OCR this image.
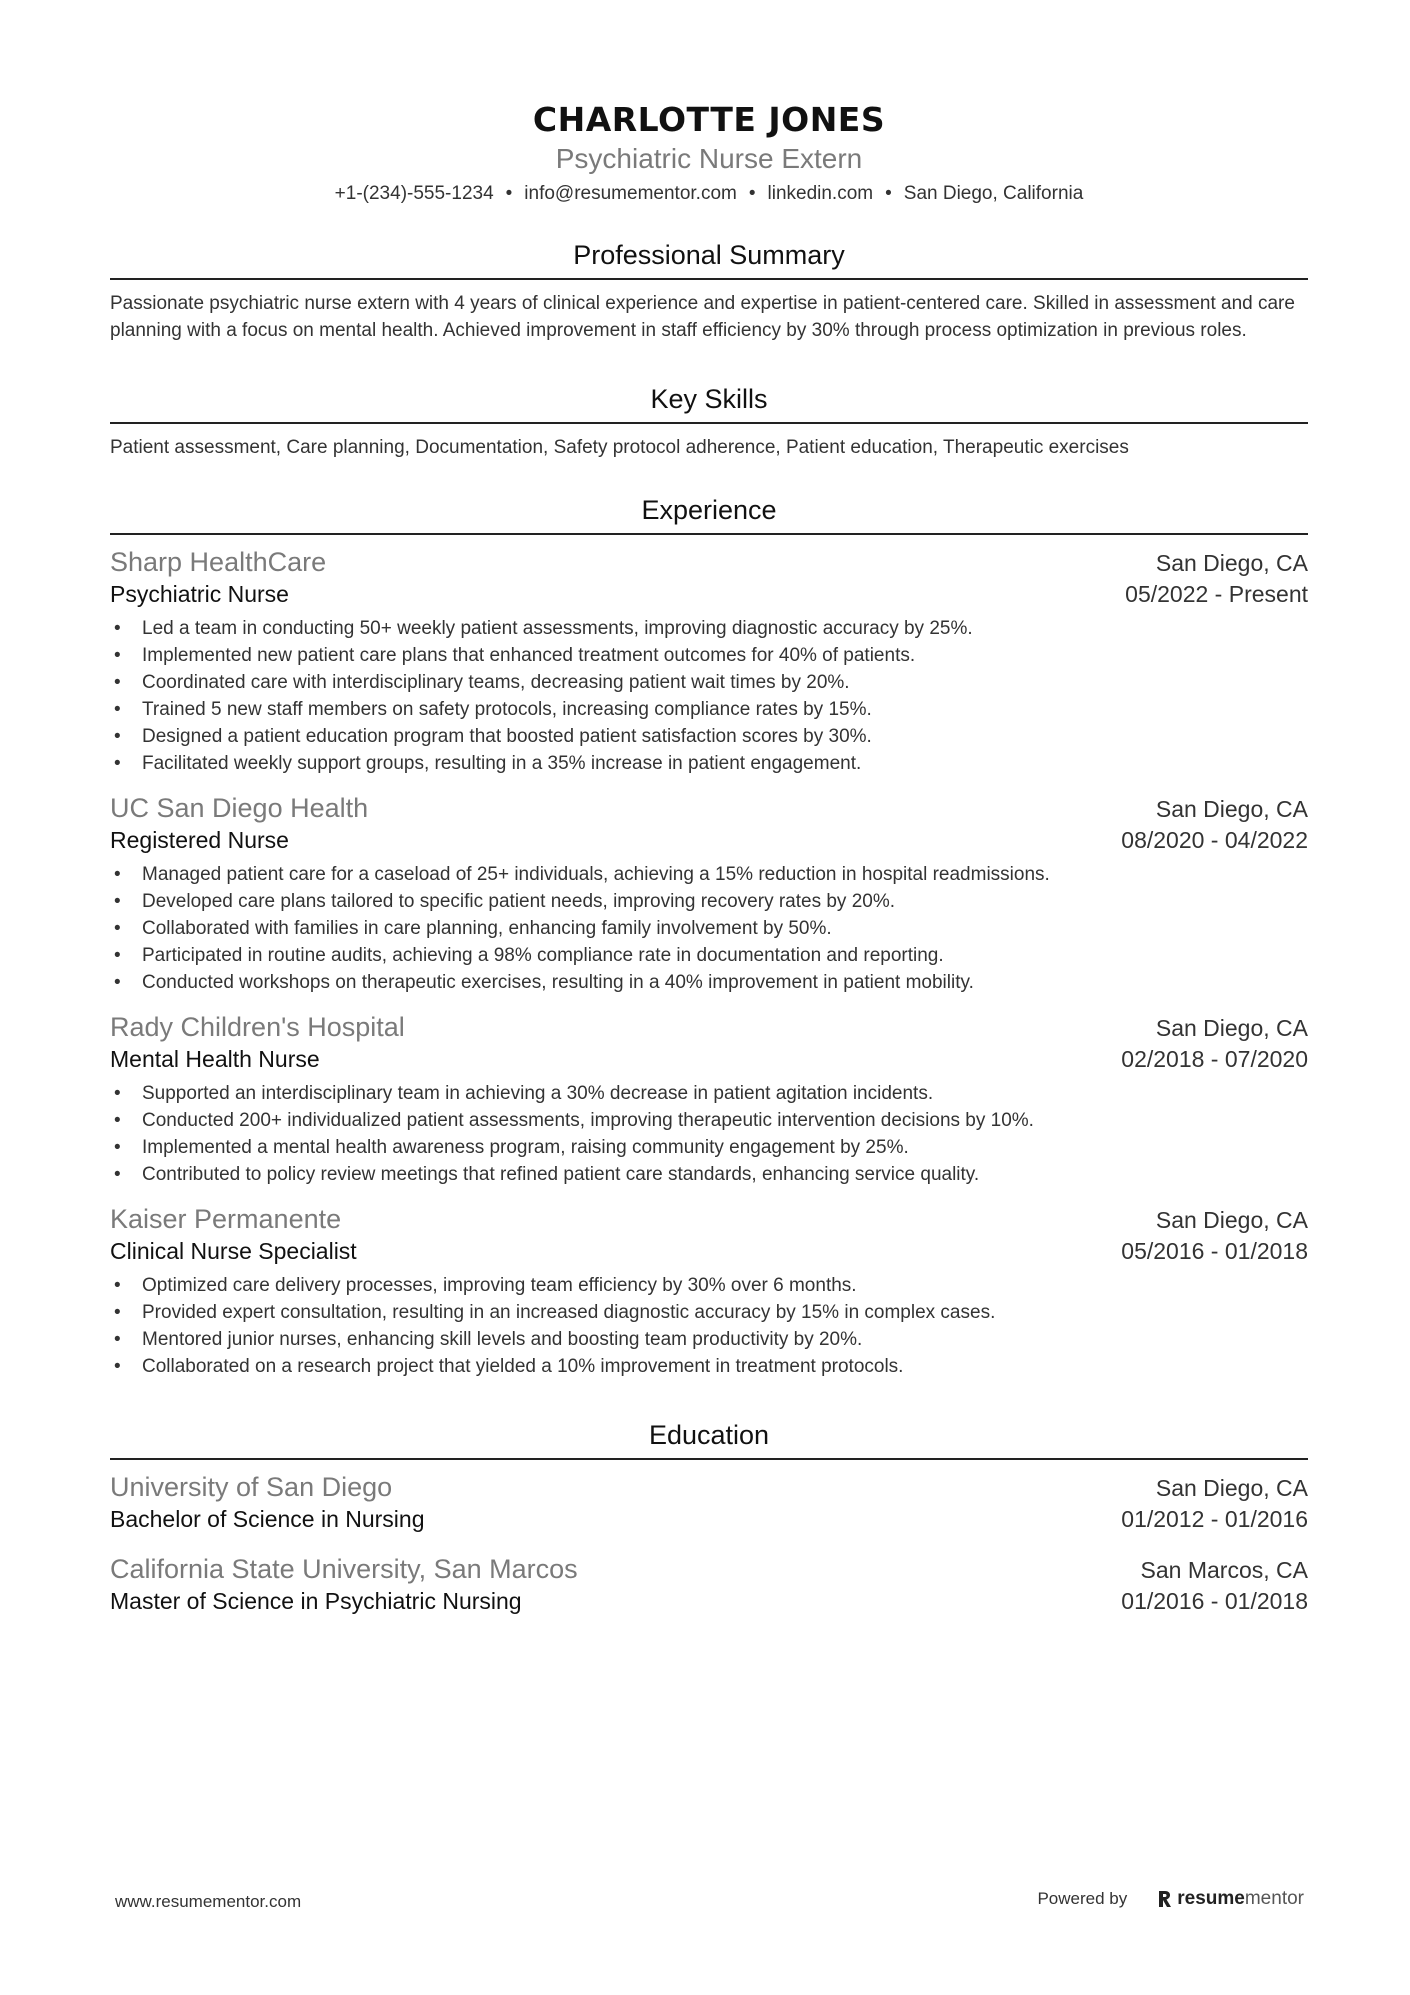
CHARLOTTE JONES
Psychiatric Nurse Extern
+1-(234)-555-1234 • info@resumementor.com • linkedin.com • San Diego, California
Professional Summary
Passionate psychiatric nurse extern with 4 years of clinical experience and expertise in patient-centered care. Skilled in assessment and care planning with a focus on mental health. Achieved improvement in staff efficiency by 30% through process optimization in previous roles.
Key Skills
Patient assessment, Care planning, Documentation, Safety protocol adherence, Patient education, Therapeutic exercises
Experience
Sharp HealthCare	San Diego, CA
Psychiatric Nurse	05/2022 - Present
• Led a team in conducting 50+ weekly patient assessments, improving diagnostic accuracy by 25%.
• Implemented new patient care plans that enhanced treatment outcomes for 40% of patients.
• Coordinated care with interdisciplinary teams, decreasing patient wait times by 20%.
• Trained 5 new staff members on safety protocols, increasing compliance rates by 15%.
• Designed a patient education program that boosted patient satisfaction scores by 30%.
• Facilitated weekly support groups, resulting in a 35% increase in patient engagement.
UC San Diego Health	San Diego, CA
Registered Nurse	08/2020 - 04/2022
• Managed patient care for a caseload of 25+ individuals, achieving a 15% reduction in hospital readmissions.
• Developed care plans tailored to specific patient needs, improving recovery rates by 20%.
• Collaborated with families in care planning, enhancing family involvement by 50%.
• Participated in routine audits, achieving a 98% compliance rate in documentation and reporting.
• Conducted workshops on therapeutic exercises, resulting in a 40% improvement in patient mobility.
Rady Children's Hospital	San Diego, CA
Mental Health Nurse	02/2018 - 07/2020
• Supported an interdisciplinary team in achieving a 30% decrease in patient agitation incidents.
• Conducted 200+ individualized patient assessments, improving therapeutic intervention decisions by 10%.
• Implemented a mental health awareness program, raising community engagement by 25%.
• Contributed to policy review meetings that refined patient care standards, enhancing service quality.
Kaiser Permanente	San Diego, CA
Clinical Nurse Specialist	05/2016 - 01/2018
• Optimized care delivery processes, improving team efficiency by 30% over 6 months.
• Provided expert consultation, resulting in an increased diagnostic accuracy by 15% in complex cases.
• Mentored junior nurses, enhancing skill levels and boosting team productivity by 20%.
• Collaborated on a research project that yielded a 10% improvement in treatment protocols.
Education
University of San Diego	San Diego, CA
Bachelor of Science in Nursing	01/2012 - 01/2016
California State University, San Marcos	San Marcos, CA
Master of Science in Psychiatric Nursing	01/2016 - 01/2018
www.resumementor.com	Powered by	resume mentor
